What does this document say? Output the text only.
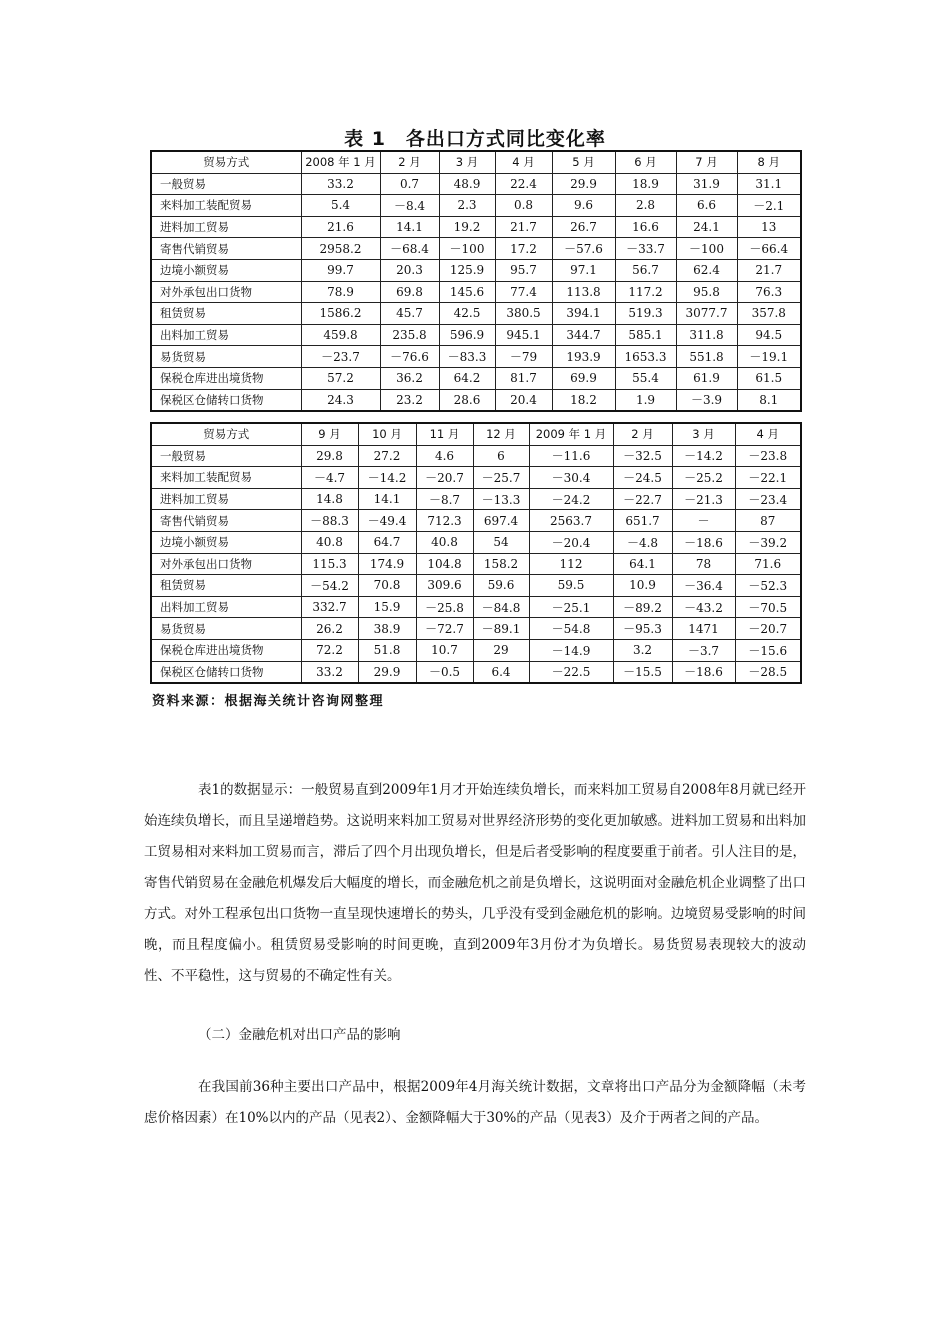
表 1　各出口方式同比变化率
贸易方式	2008 年 1 月	2 月	3 月	4 月	5 月	6 月	7 月	8 月
一般贸易	33.2	0.7	48.9	22.4	29.9	18.9	31.9	31.1
来料加工装配贸易	5.4	－8.4	2.3	0.8	9.6	2.8	6.6	－2.1
进料加工贸易	21.6	14.1	19.2	21.7	26.7	16.6	24.1	13
寄售代销贸易	2958.2	－68.4	－100	17.2	－57.6	－33.7	－100	－66.4
边境小额贸易	99.7	20.3	125.9	95.7	97.1	56.7	62.4	21.7
对外承包出口货物	78.9	69.8	145.6	77.4	113.8	117.2	95.8	76.3
租赁贸易	1586.2	45.7	42.5	380.5	394.1	519.3	3077.7	357.8
出料加工贸易	459.8	235.8	596.9	945.1	344.7	585.1	311.8	94.5
易货贸易	－23.7	－76.6	－83.3	－79	193.9	1653.3	551.8	－19.1
保税仓库进出境货物	57.2	36.2	64.2	81.7	69.9	55.4	61.9	61.5
保税区仓储转口货物	24.3	23.2	28.6	20.4	18.2	1.9	－3.9	8.1
贸易方式	9 月	10 月	11 月	12 月	2009 年 1 月	2 月	3 月	4 月
一般贸易	29.8	27.2	4.6	6	－11.6	－32.5	－14.2	－23.8
来料加工装配贸易	－4.7	－14.2	－20.7	－25.7	－30.4	－24.5	－25.2	－22.1
进料加工贸易	14.8	14.1	－8.7	－13.3	－24.2	－22.7	－21.3	－23.4
寄售代销贸易	－88.3	－49.4	712.3	697.4	2563.7	651.7	－	87
边境小额贸易	40.8	64.7	40.8	54	－20.4	－4.8	－18.6	－39.2
对外承包出口货物	115.3	174.9	104.8	158.2	112	64.1	78	71.6
租赁贸易	－54.2	70.8	309.6	59.6	59.5	10.9	－36.4	－52.3
出料加工贸易	332.7	15.9	－25.8	－84.8	－25.1	－89.2	－43.2	－70.5
易货贸易	26.2	38.9	－72.7	－89.1	－54.8	－95.3	1471	－20.7
保税仓库进出境货物	72.2	51.8	10.7	29	－14.9	3.2	－3.7	－15.6
保税区仓储转口货物	33.2	29.9	－0.5	6.4	－22.5	－15.5	－18.6	－28.5
资料来源：根据海关统计咨询网整理
表1的数据显示：一般贸易直到2009年1月才开始连续负增长，而来料加工贸易自2008年8月就已经开始连续负增长，而且呈递增趋势。这说明来料加工贸易对世界经济形势的变化更加敏感。进料加工贸易和出料加工贸易相对来料加工贸易而言，滞后了四个月出现负增长，但是后者受影响的程度要重于前者。引人注目的是，寄售代销贸易在金融危机爆发后大幅度的增长，而金融危机之前是负增长，这说明面对金融危机企业调整了出口方式。对外工程承包出口货物一直呈现快速增长的势头，几乎没有受到金融危机的影响。边境贸易受影响的时间晚，而且程度偏小。租赁贸易受影响的时间更晚，直到2009年3月份才为负增长。易货贸易表现较大的波动性、不平稳性，这与贸易的不确定性有关。
（二）金融危机对出口产品的影响
在我国前36种主要出口产品中，根据2009年4月海关统计数据，文章将出口产品分为金额降幅（未考虑价格因素）在10%以内的产品（见表2）、金额降幅大于30%的产品（见表3）及介于两者之间的产品。
